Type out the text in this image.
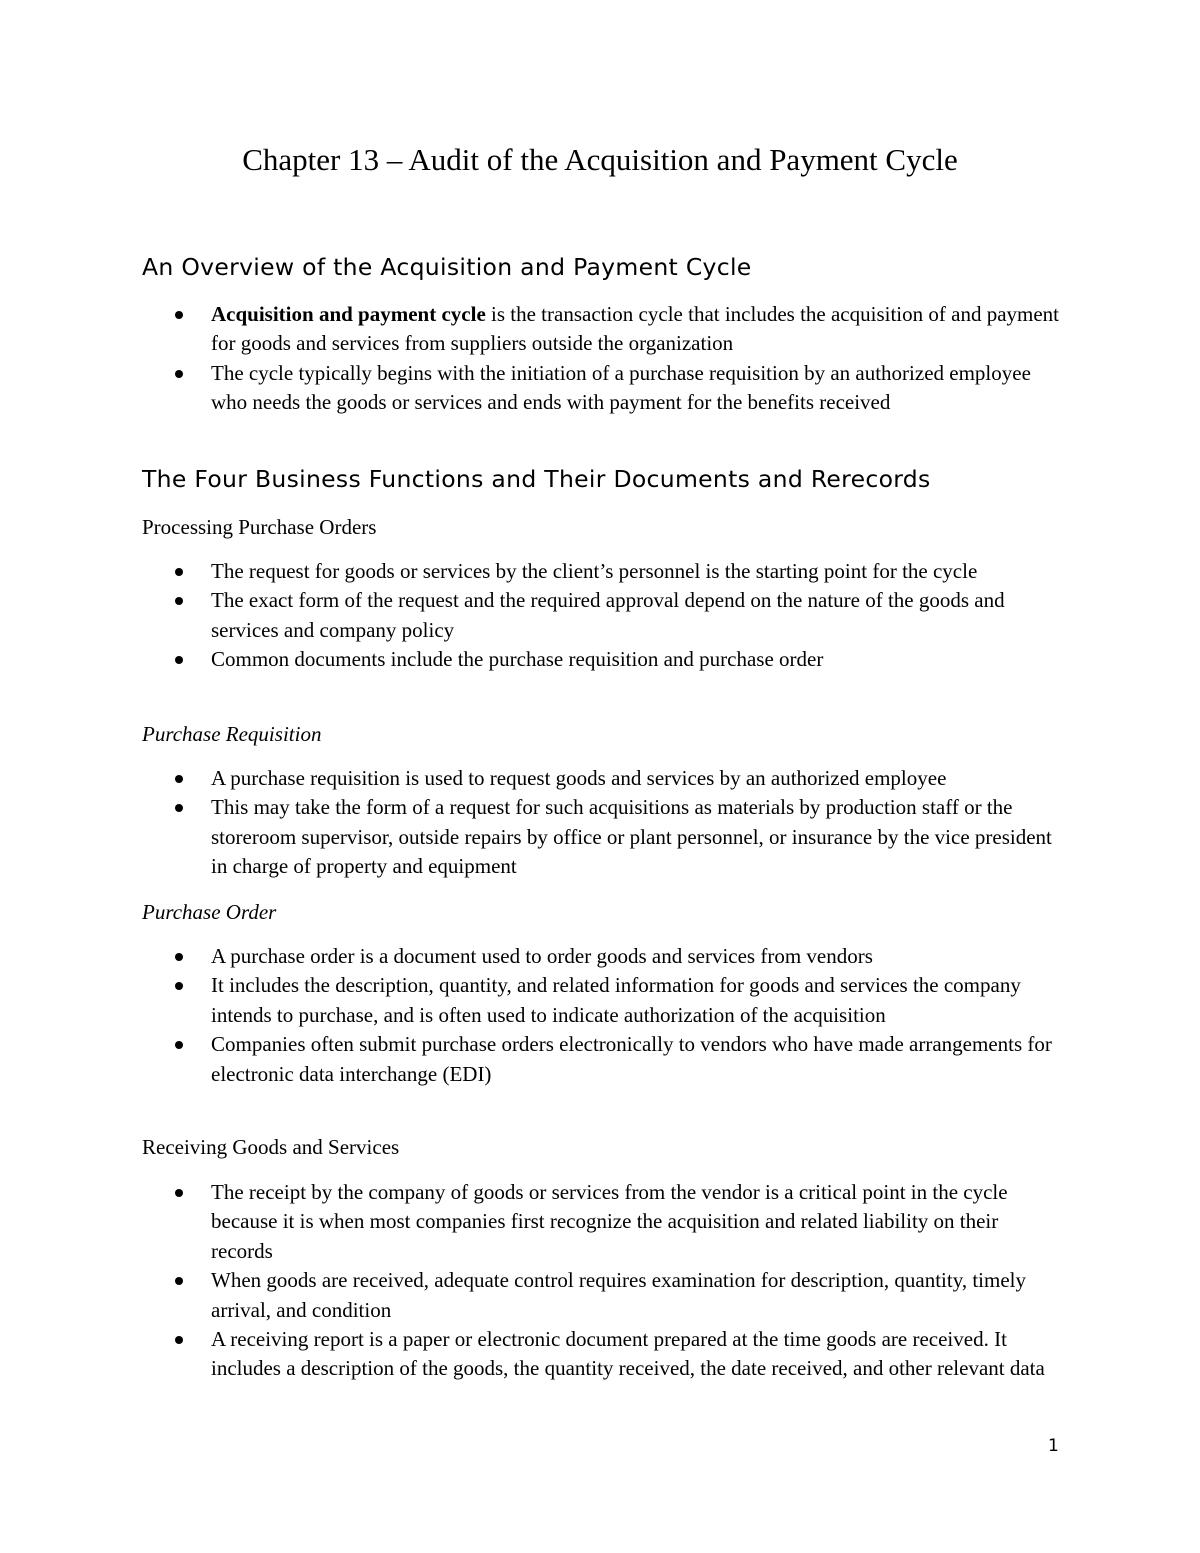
Chapter 13 – Audit of the Acquisition and Payment Cycle
An Overview of the Acquisition and Payment Cycle
Acquisition and payment cycle is the transaction cycle that includes the acquisition of and payment for goods and services from suppliers outside the organization
The cycle typically begins with the initiation of a purchase requisition by an authorized employee who needs the goods or services and ends with payment for the benefits received
The Four Business Functions and Their Documents and Rerecords

Processing Purchase Orders

The request for goods or services by the client’s personnel is the starting point for the cycle
The exact form of the request and the required approval depend on the nature of the goods and services and company policy
Common documents include the purchase requisition and purchase order

Purchase Requisition

A purchase requisition is used to request goods and services by an authorized employee
This may take the form of a request for such acquisitions as materials by production staff or the storeroom supervisor, outside repairs by office or plant personnel, or insurance by the vice president in charge of property and equipment

Purchase Order

A purchase order is a document used to order goods and services from vendors
It includes the description, quantity, and related information for goods and services the company intends to purchase, and is often used to indicate authorization of the acquisition
Companies often submit purchase orders electronically to vendors who have made arrangements for electronic data interchange (EDI)

Receiving Goods and Services

The receipt by the company of goods or services from the vendor is a critical point in the cycle because it is when most companies first recognize the acquisition and related liability on their records
When goods are received, adequate control requires examination for description, quantity, timely arrival, and condition
A receiving report is a paper or electronic document prepared at the time goods are received. It includes a description of the goods, the quantity received, the date received, and other relevant data
1
